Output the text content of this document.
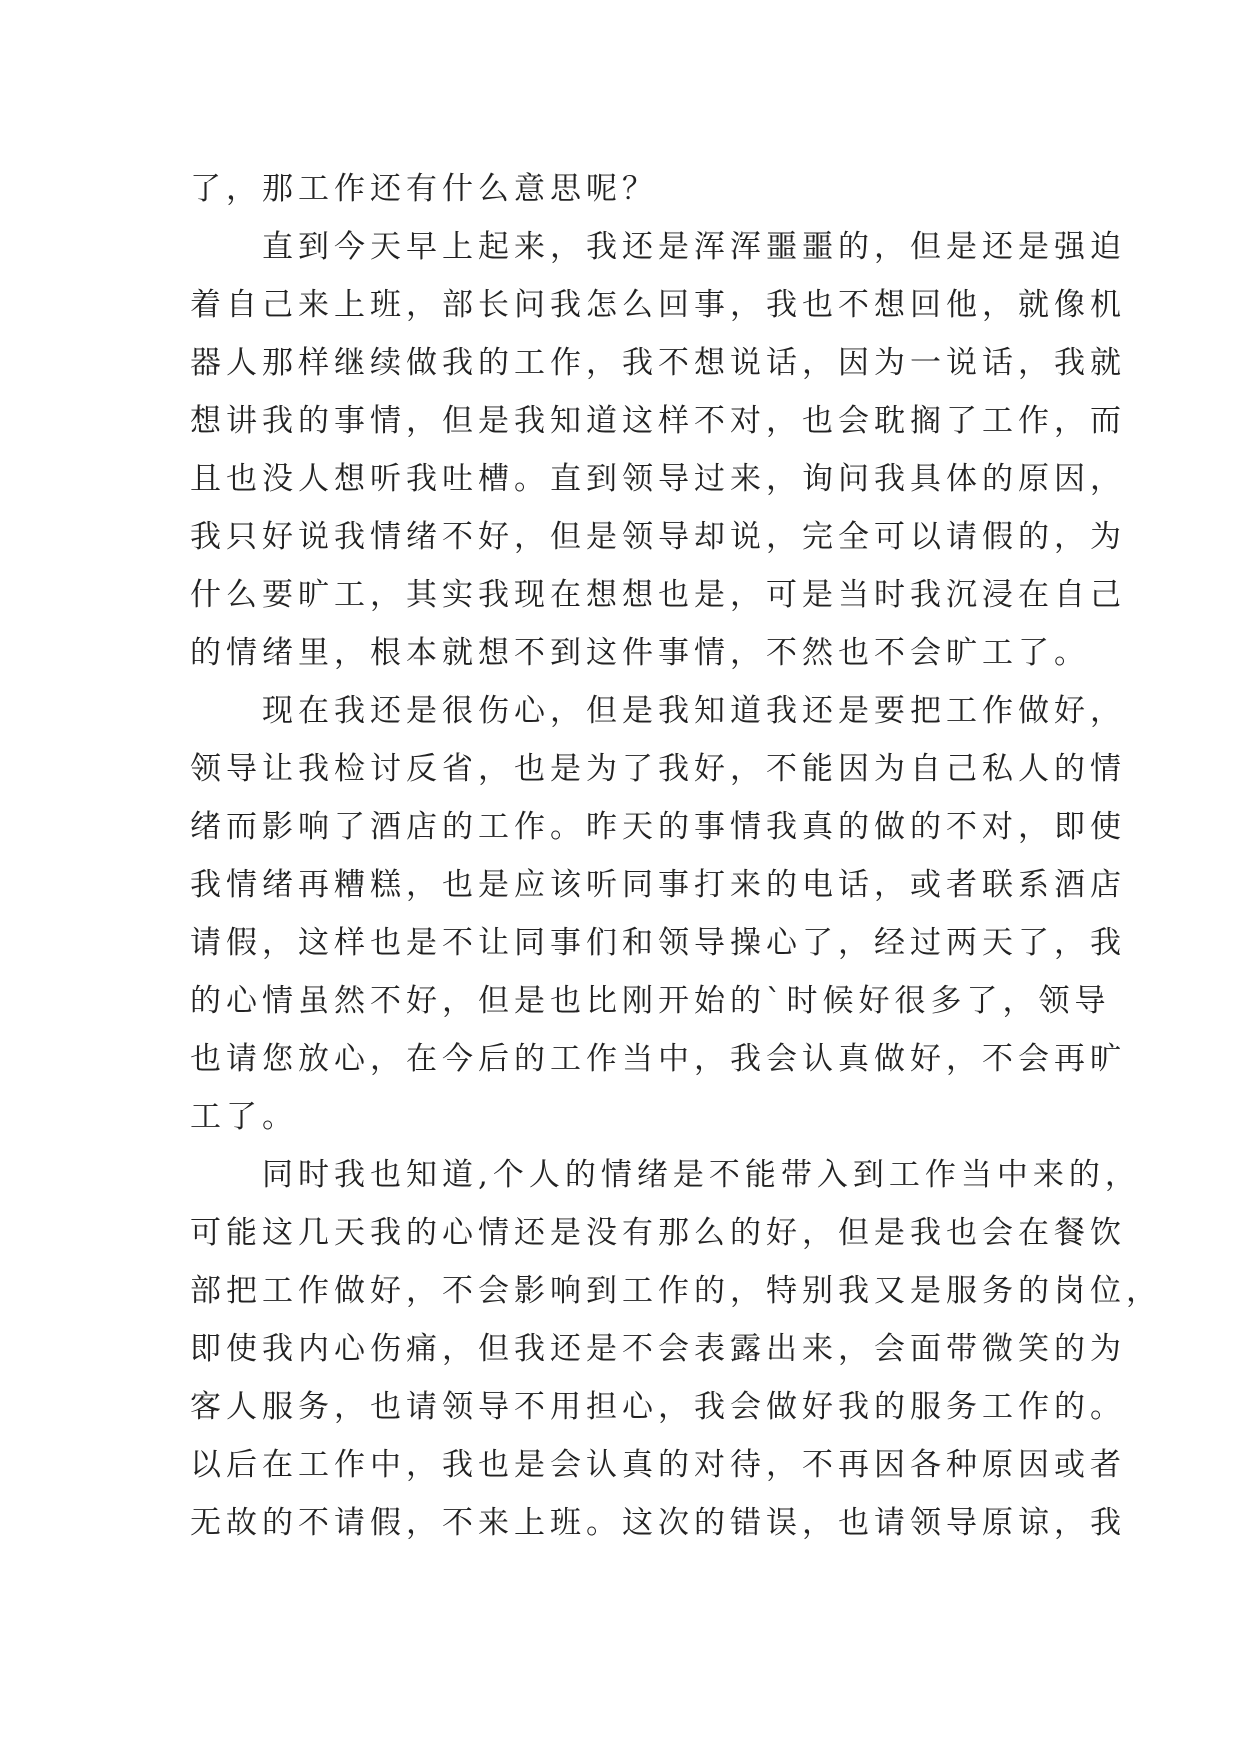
了，那工作还有什么意思呢？
　　直到今天早上起来，我还是浑浑噩噩的，但是还是强迫
着自己来上班，部长问我怎么回事，我也不想回他，就像机
器人那样继续做我的工作，我不想说话，因为一说话，我就
想讲我的事情，但是我知道这样不对，也会耽搁了工作，而
且也没人想听我吐槽。直到领导过来，询问我具体的原因，
我只好说我情绪不好，但是领导却说，完全可以请假的，为
什么要旷工，其实我现在想想也是，可是当时我沉浸在自己
的情绪里，根本就想不到这件事情，不然也不会旷工了。
　　现在我还是很伤心，但是我知道我还是要把工作做好，
领导让我检讨反省，也是为了我好，不能因为自己私人的情
绪而影响了酒店的工作。昨天的事情我真的做的不对，即使
我情绪再糟糕，也是应该听同事打来的电话，或者联系酒店
请假，这样也是不让同事们和领导操心了，经过两天了，我
的心情虽然不好，但是也比刚开始的`时候好很多了，领导
也请您放心，在今后的工作当中，我会认真做好，不会再旷
工了。
　　同时我也知道,个人的情绪是不能带入到工作当中来的，
可能这几天我的心情还是没有那么的好，但是我也会在餐饮
部把工作做好，不会影响到工作的，特别我又是服务的岗位，
即使我内心伤痛，但我还是不会表露出来，会面带微笑的为
客人服务，也请领导不用担心，我会做好我的服务工作的。
以后在工作中，我也是会认真的对待，不再因各种原因或者
无故的不请假，不来上班。这次的错误，也请领导原谅，我
